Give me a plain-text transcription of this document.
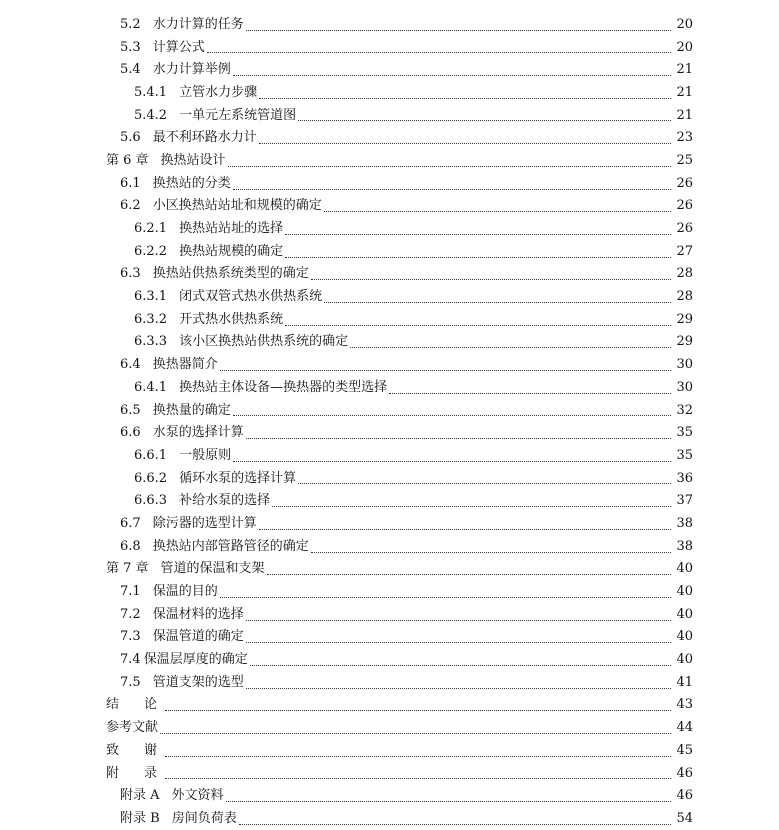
5.2 水力计算的任务	20
5.3 计算公式	20
5.4 水力计算举例	21
5.4.1 立管水力步骤	21
5.4.2 一单元左系统管道图	21
5.6 最不利环路水力计	23
第 6 章 换热站设计	25
6.1 换热站的分类	26
6.2 小区换热站站址和规模的确定	26
6.2.1 换热站站址的选择	26
6.2.2 换热站规模的确定	27
6.3 换热站供热系统类型的确定	28
6.3.1 闭式双管式热水供热系统	28
6.3.2 开式热水供热系统	29
6.3.3 该小区换热站供热系统的确定	29
6.4 换热器简介	30
6.4.1 换热站主体设备—换热器的类型选择	30
6.5 换热量的确定	32
6.6 水泵的选择计算	35
6.6.1 一般原则	35
6.6.2 循环水泵的选择计算	36
6.6.3 补给水泵的选择	37
6.7 除污器的选型计算	38
6.8 换热站内部管路管径的确定	38
第 7 章 管道的保温和支架	40
7.1 保温的目的	40
7.2 保温材料的选择	40
7.3 保温管道的确定	40
7.4 保温层厚度的确定	40
7.5 管道支架的选型	41
结　论	43
参考文献	44
致　谢	45
附　录	46
附录 A 外文资料	46
附录 B 房间负荷表	54
